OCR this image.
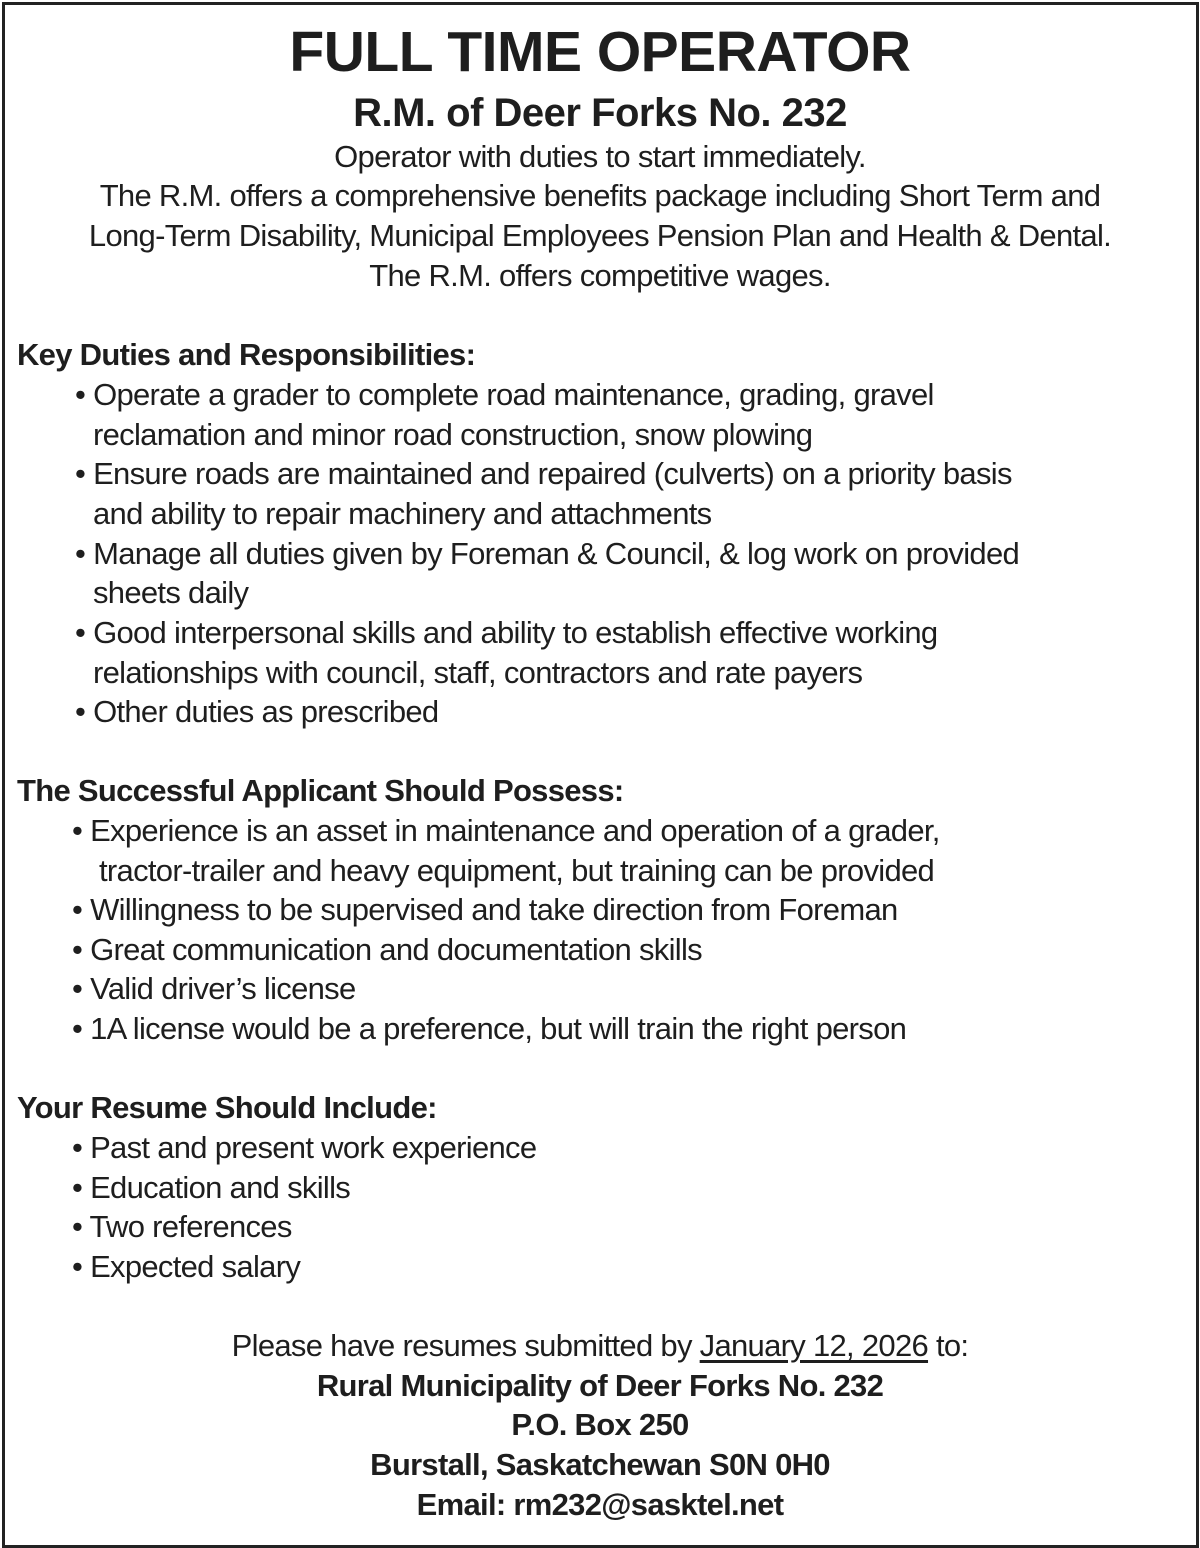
FULL TIME OPERATOR
R.M. of Deer Forks No. 232
Operator with duties to start immediately.
The R.M. offers a comprehensive benefits package including Short Term and
Long-Term Disability, Municipal Employees Pension Plan and Health & Dental.
The R.M. offers competitive wages.
Key Duties and Responsibilities:
• Operate a grader to complete road maintenance, grading, gravel
reclamation and minor road construction, snow plowing
• Ensure roads are maintained and repaired (culverts) on a priority basis
and ability to repair machinery and attachments
• Manage all duties given by Foreman & Council, & log work on provided
sheets daily
• Good interpersonal skills and ability to establish effective working
relationships with council, staff, contractors and rate payers
• Other duties as prescribed
The Successful Applicant Should Possess:
• Experience is an asset in maintenance and operation of a grader,
tractor-trailer and heavy equipment, but training can be provided
• Willingness to be supervised and take direction from Foreman
• Great communication and documentation skills
• Valid driver’s license
• 1A license would be a preference, but will train the right person
Your Resume Should Include:
• Past and present work experience
• Education and skills
• Two references
• Expected salary
Please have resumes submitted by January 12, 2026 to:
Rural Municipality of Deer Forks No. 232
P.O. Box 250
Burstall, Saskatchewan S0N 0H0
Email: rm232@sasktel.net
